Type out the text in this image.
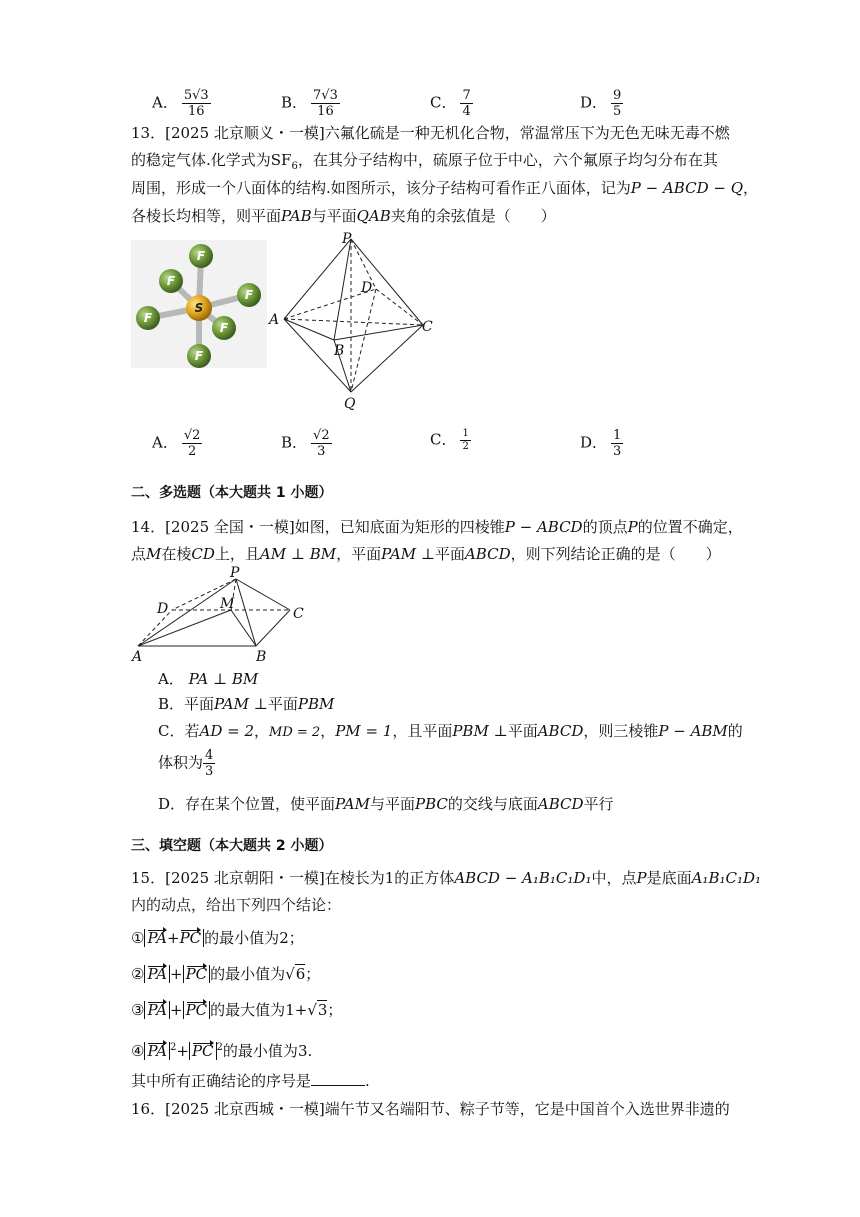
A． $\frac{5√3}{16}$	B． $\frac{7√3}{16}$	C． $\frac{7}{4}$	D． $\frac{9}{5}$
13．[2025 北京顺义・一模]六氟化硫是一种无机化合物，常温常压下为无色无味无毒不燃
的稳定气体.化学式为$SF_6$，在其分子结构中，硫原子位于中心，六个氟原子均匀分布在其
周围，形成一个八面体的结构.如图所示，该分子结构可看作正八面体，记为P − ABCD − Q，
各棱长均相等，则平面PAB与平面QAB夹角的余弦值是（　　）
F
F
F
F
F
F
S
P
D
A	C
B
Q
A． $\frac{√2}{2}$	B． $\frac{√2}{3}$	C． $\frac{1}{2}$	D． $\frac{1}{3}$
二、多选题（本大题共 1 小题）
14．[2025 全国・一模]如图，已知底面为矩形的四棱锥P − ABCD的顶点P的位置不确定，
点M在棱CD上，且AM ⊥ BM，平面PAM ⊥平面ABCD，则下列结论正确的是（　　）
P
D	M
C
A	B
A． PA ⊥ BM
B．平面PAM ⊥平面PBM
C．若AD = 2，MD = 2，PM = 1，且平面PBM ⊥平面ABCD，则三棱锥P − ABM的
体积为 $\frac{4}{3}$
D．存在某个位置，使平面PAM与平面PBC的交线与底面ABCD平行
三、填空题（本大题共 2 小题）
15．[2025 北京朝阳・一模]在棱长为1的正方体ABCD − A₁B₁C₁D₁中，点P是底面A₁B₁C₁D₁
内的动点，给出下列四个结论：
① PA+PC 的最小值为2；
② PA + PC 的最小值为√6；
③ PA + PC 的最大值为1+√3；
④ PA $^2$+ PC $^2$的最小值为3.
其中所有正确结论的序号是	.
16．[2025 北京西城・一模]端午节又名端阳节、粽子节等，它是中国首个入选世界非遗的
